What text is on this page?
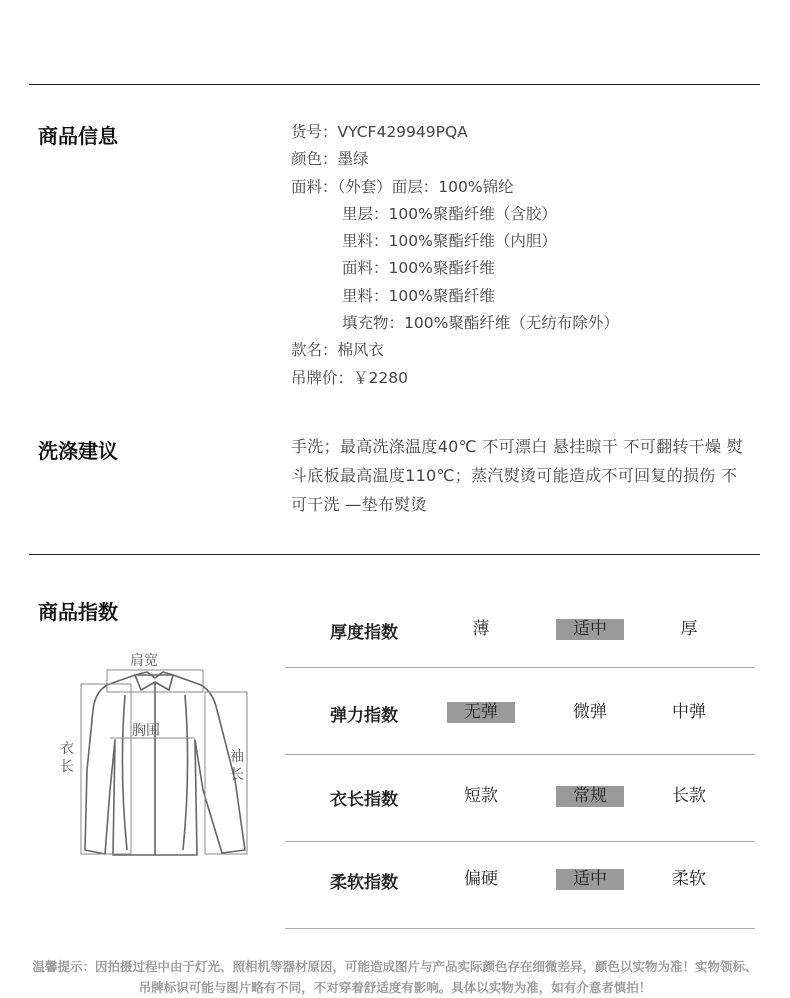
商品信息	货号：VYCF429949PQA
颜色：墨绿
面料：（外套）面层：100%锦纶
里层：100%聚酯纤维（含胶）
里料：100%聚酯纤维（内胆）
面料：100%聚酯纤维
里料：100%聚酯纤维
填充物：100%聚酯纤维（无纺布除外）
款名：棉风衣
吊牌价：￥2280
洗涤建议	手洗；最高洗涤温度40℃ 不可漂白 悬挂晾干 不可翻转干燥 熨斗底板最高温度110℃；蒸汽熨烫可能造成不可回复的损伤 不可干洗 —垫布熨烫
商品指数
肩宽
胸围
衣长
袖长
厚度指数	薄	适中	厚
弹力指数	无弹	微弹	中弹
衣长指数	短款	常规	长款
柔软指数	偏硬	适中	柔软
温馨提示：因拍摄过程中由于灯光、照相机等器材原因，可能造成图片与产品实际颜色存在细微差异，颜色以实物为准！实物领标、
吊牌标识可能与图片略有不同，不对穿着舒适度有影响。具体以实物为准，如有介意者慎拍！
